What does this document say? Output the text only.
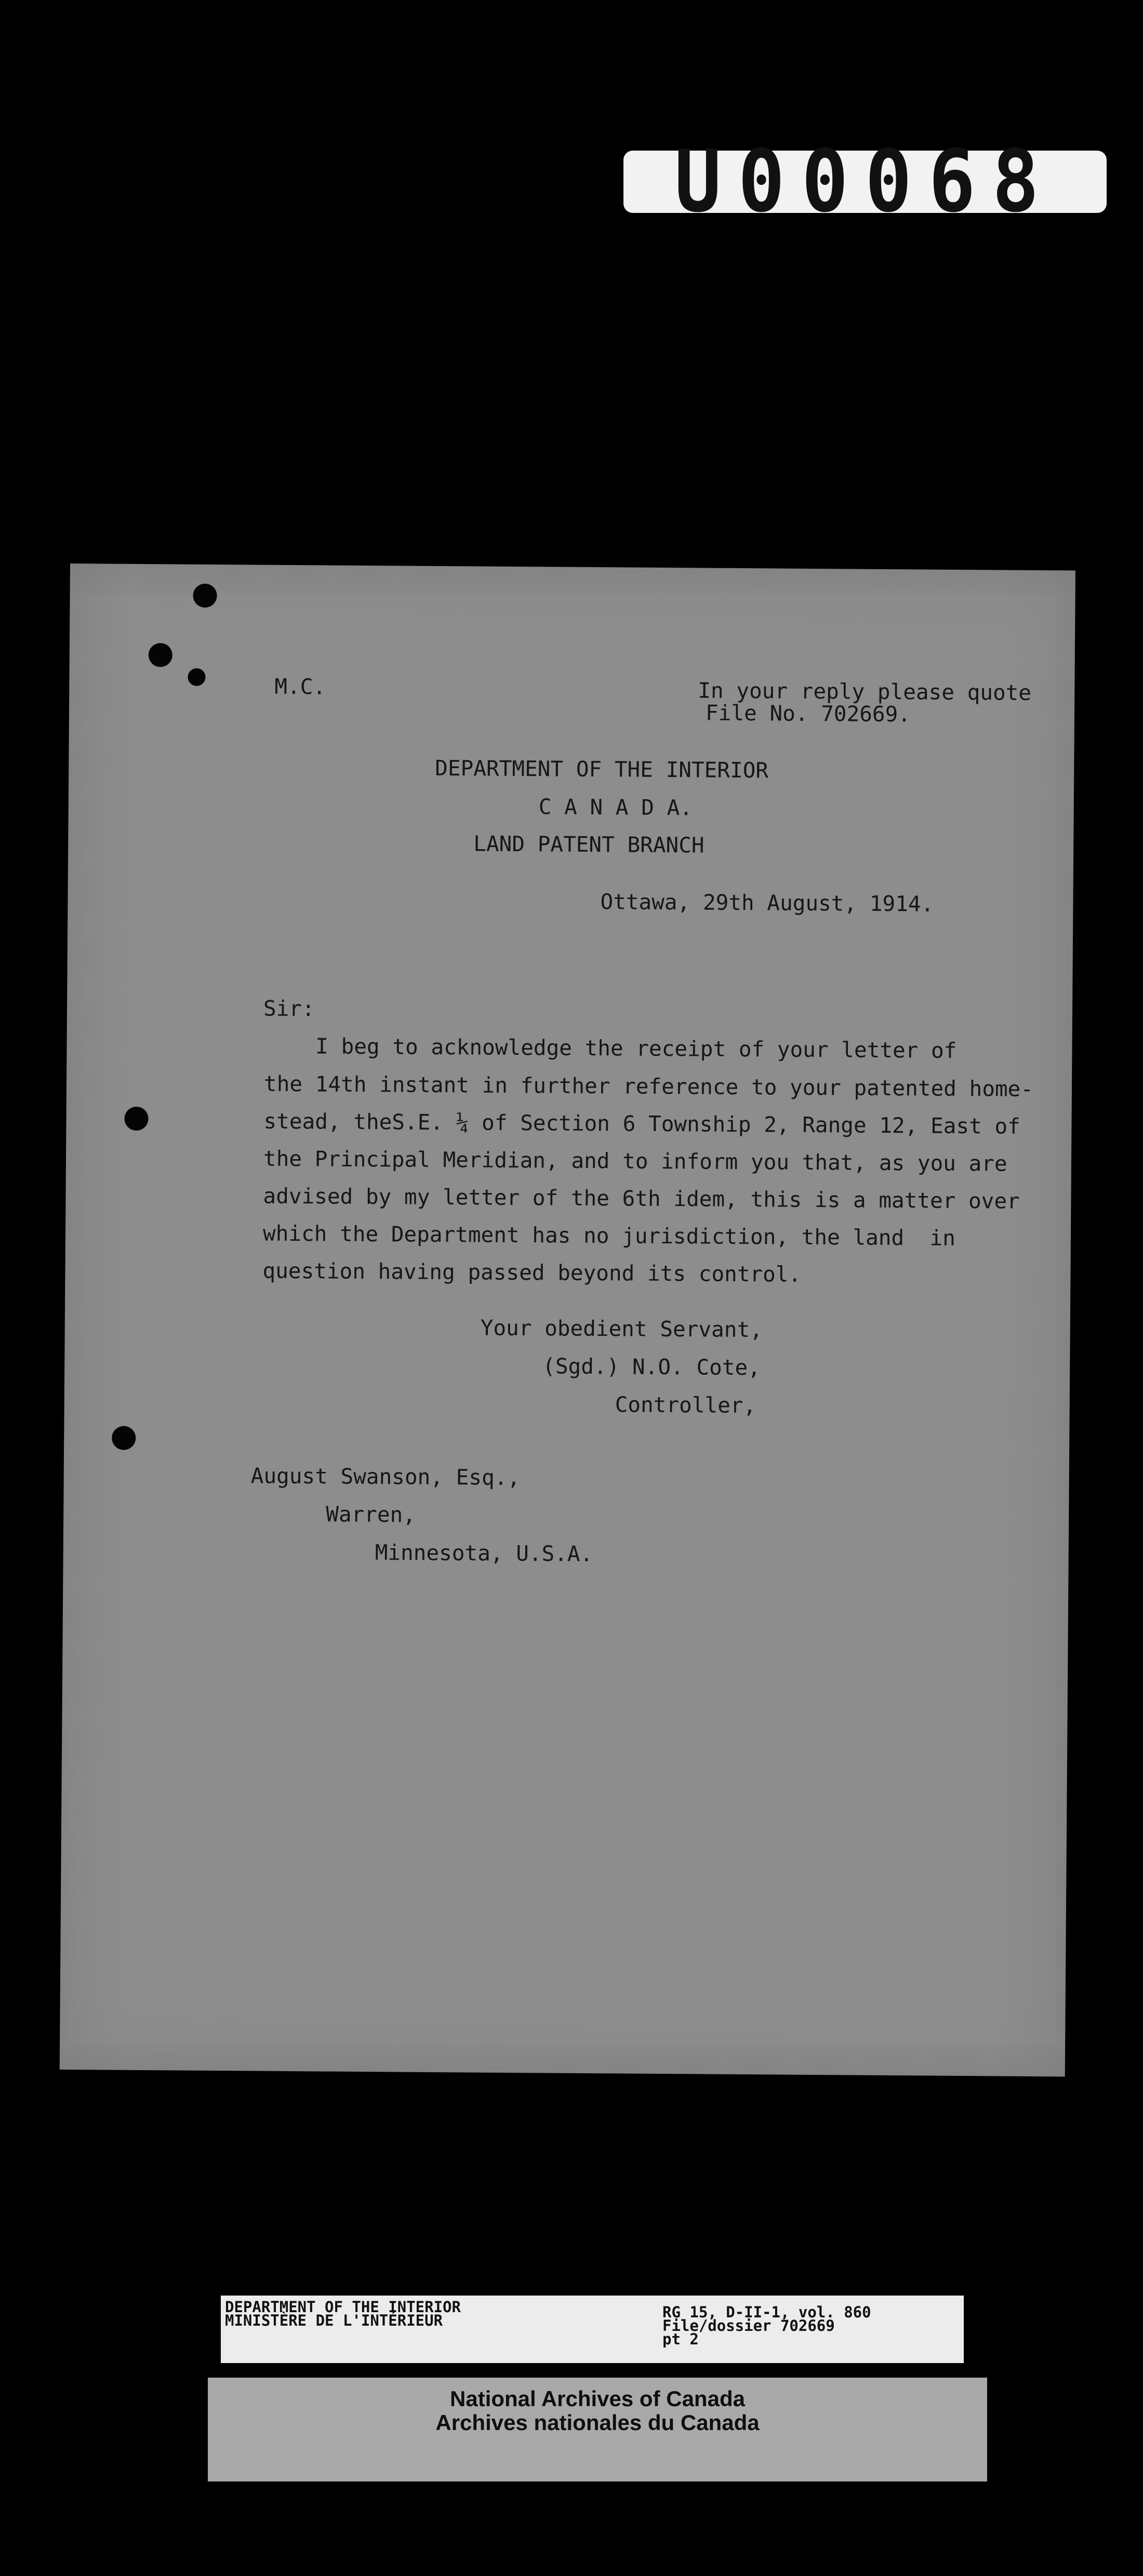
U00068
M.C.	In your reply please quote
File No. 702669.
DEPARTMENT OF THE INTERIOR
C A N A D A.
LAND PATENT BRANCH
Ottawa, 29th August, 1914.
Sir:
I beg to acknowledge the receipt of your letter of
the 14th instant in further reference to your patented home-
stead, theS.E. ¼ of Section 6 Township 2, Range 12, East of
the Principal Meridian, and to inform you that, as you are
advised by my letter of the 6th idem, this is a matter over
which the Department has no jurisdiction, the land  in
question having passed beyond its control.
Your obedient Servant,
(Sgd.) N.O. Cote,
Controller,
August Swanson, Esq.,
Warren,
Minnesota, U.S.A.
DEPARTMENT OF THE INTERIOR
MINISTÈRE DE L'INTÉRIEUR	RG 15, D-II-1, vol. 860
File/dossier 702669
pt 2
National Archives of Canada
Archives nationales du Canada
